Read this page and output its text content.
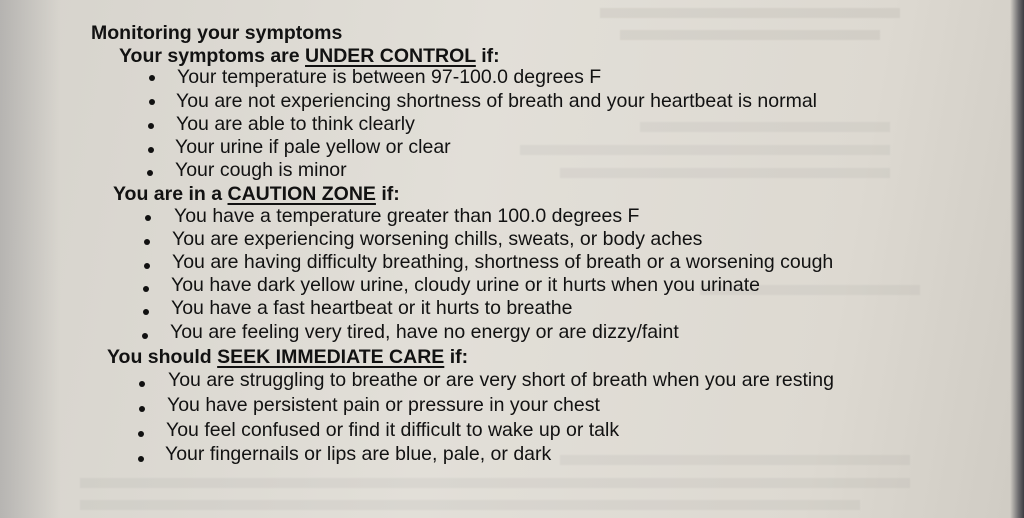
Monitoring your symptoms
Your symptoms are UNDER CONTROL if:
Your temperature is between 97-100.0 degrees F
You are not experiencing shortness of breath and your heartbeat is normal
You are able to think clearly
Your urine if pale yellow or clear
Your cough is minor
You are in a CAUTION ZONE if:
You have a temperature greater than 100.0 degrees F
You are experiencing worsening chills, sweats, or body aches
You are having difficulty breathing, shortness of breath or a worsening cough
You have dark yellow urine, cloudy urine or it hurts when you urinate
You have a fast heartbeat or it hurts to breathe
You are feeling very tired, have no energy or are dizzy/faint
You should SEEK IMMEDIATE CARE if:
You are struggling to breathe or are very short of breath when you are resting
You have persistent pain or pressure in your chest
You feel confused or find it difficult to wake up or talk
Your fingernails or lips are blue, pale, or dark
